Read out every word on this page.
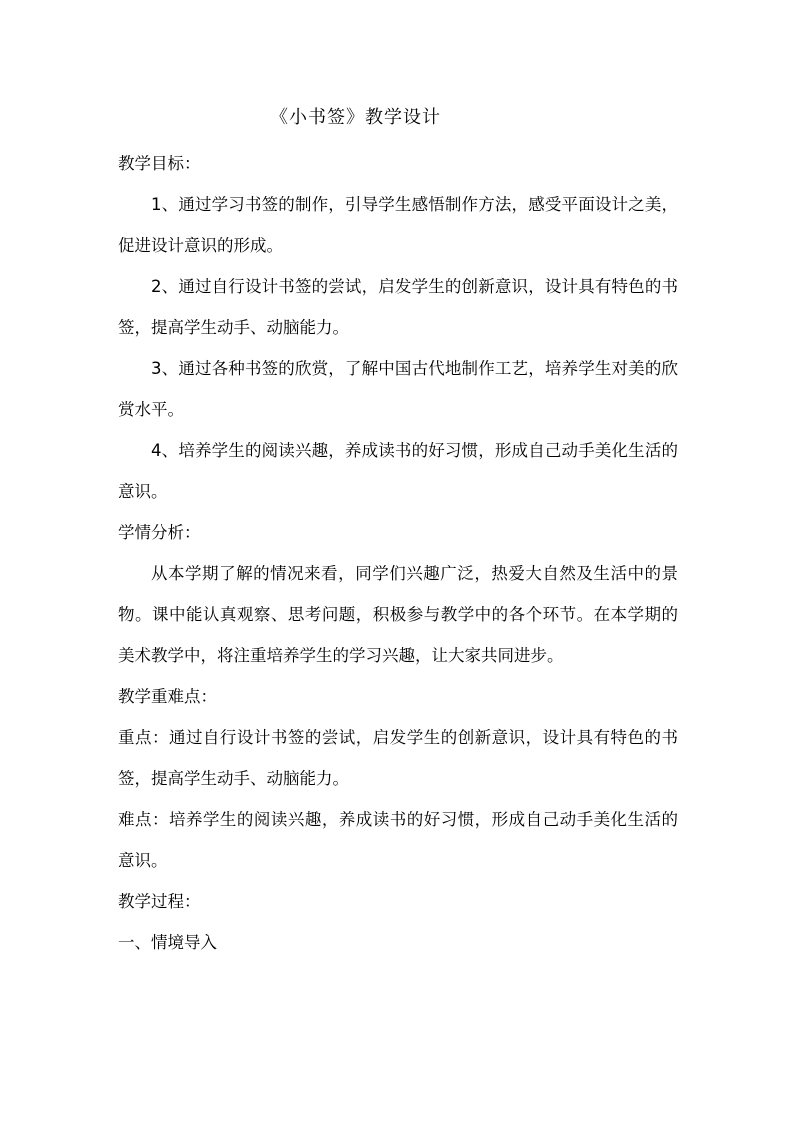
《小书签》教学设计

教学目标：

1、通过学习书签的制作，引导学生感悟制作方法，感受平面设计之美，促进设计意识的形成。

2、通过自行设计书签的尝试，启发学生的创新意识，设计具有特色的书签，提高学生动手、动脑能力。

3、通过各种书签的欣赏，了解中国古代地制作工艺，培养学生对美的欣赏水平。

4、培养学生的阅读兴趣，养成读书的好习惯，形成自己动手美化生活的意识。

学情分析：

从本学期了解的情况来看，同学们兴趣广泛，热爱大自然及生活中的景物。课中能认真观察、思考问题，积极参与教学中的各个环节。在本学期的美术教学中，将注重培养学生的学习兴趣，让大家共同进步。

教学重难点：

重点：通过自行设计书签的尝试，启发学生的创新意识，设计具有特色的书签，提高学生动手、动脑能力。

难点：培养学生的阅读兴趣，养成读书的好习惯，形成自己动手美化生活的意识。

教学过程：

一、情境导入
